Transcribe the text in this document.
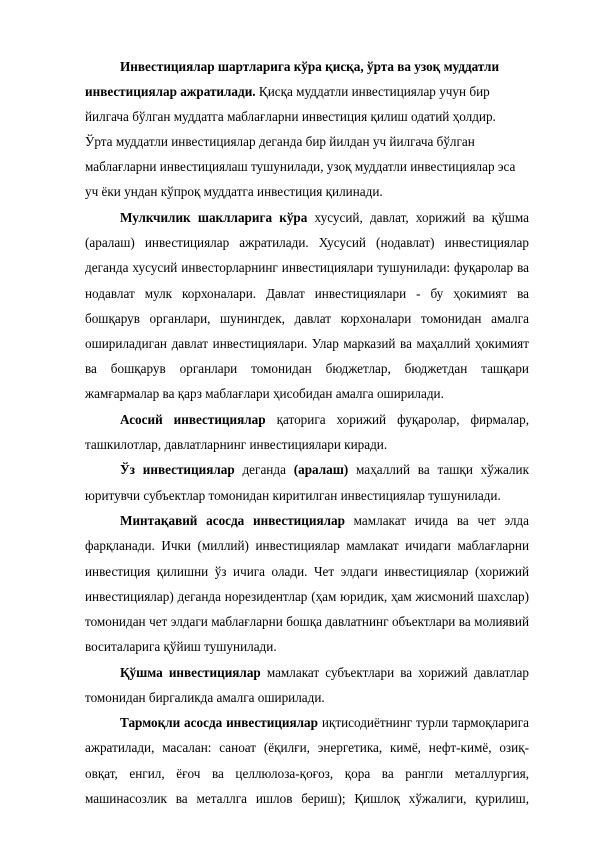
Инвестициялар шартларига кўра қисқа, ўрта ва узоқ муддатли
инвестициялар ажратилади. Қисқа муддатли инвестициялар учун бир
йилгача бўлган муддатга маблағларни инвестиция қилиш одатий ҳолдир.
Ўрта муддатли инвестициялар деганда бир йилдан уч йилгача бўлган
маблағларни инвестициялаш тушунилади, узоқ муддатли инвестициялар эса
уч ёки ундан кўпроқ муддатга инвестиция қилинади.
Мулкчилик шаклларига кўра хусусий, давлат, хорижий ва қўшма
(аралаш) инвестициялар ажратилади. Хусусий (нодавлат) инвестициялар
деганда хусусий инвесторларнинг инвестициялари тушунилади: фуқаролар ва
нодавлат мулк корхоналари. Давлат инвестициялари - бу ҳокимият ва
бошқарув органлари, шунингдек, давлат корхоналари томонидан амалга
ошириладиган давлат инвестициялари. Улар марказий ва маҳаллий ҳокимият
ва бошқарув органлари томонидан бюджетлар, бюджетдан ташқари
жамғармалар ва қарз маблағлари ҳисобидан амалга оширилади.
Асосий инвестициялар қаторига хорижий фуқаролар, фирмалар,
ташкилотлар, давлатларнинг инвестициялари киради.
Ўз инвестициялар деганда (аралаш) маҳаллий ва ташқи хўжалик
юритувчи субъектлар томонидан киритилган инвестициялар тушунилади.
Минтақавий асосда инвестициялар мамлакат ичида ва чет элда
фарқланади. Ички (миллий) инвестициялар мамлакат ичидаги маблағларни
инвестиция қилишни ўз ичига олади. Чет элдаги инвестициялар (хорижий
инвестициялар) деганда норезидентлар (ҳам юридик, ҳам жисмоний шахслар)
томонидан чет элдаги маблағларни бошқа давлатнинг объектлари ва молиявий
воситаларига қўйиш тушунилади.
Қўшма инвестициялар мамлакат субъектлари ва хорижий давлатлар
томонидан биргаликда амалга оширилади.
Тармоқли асосда инвестициялар иқтисодиётнинг турли тармоқларига
ажратилади, масалан: саноат (ёқилғи, энергетика, кимё, нефт-кимё, озиқ-
овқат, енгил, ёғоч ва целлюлоза-қоғоз, қора ва рангли металлургия,
машинасозлик ва металлга ишлов бериш); Қишлоқ хўжалиги, қурилиш,
